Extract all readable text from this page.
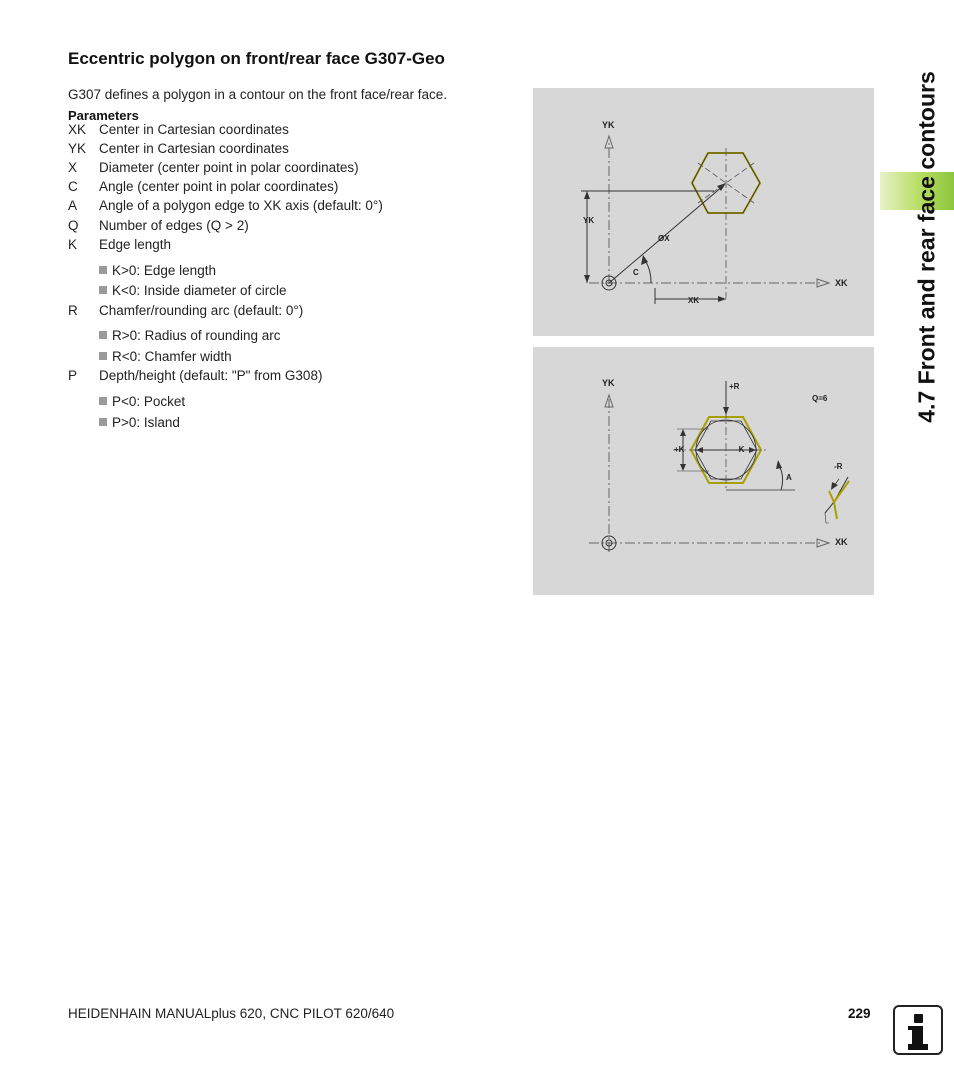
Eccentric polygon on front/rear face G307-Geo
G307 defines a polygon in a contour on the front face/rear face.
Parameters
XK Center in Cartesian coordinates
YK Center in Cartesian coordinates
X	Diameter (center point in polar coordinates)
C	Angle (center point in polar coordinates)
A	Angle of a polygon edge to XK axis (default: 0°)
Q	Number of edges (Q > 2)
K	Edge length
K>0: Edge length
K<0: Inside diameter of circle
R	Chamfer/rounding arc (default: 0°)
R>0: Radius of rounding arc
R<0: Chamfer width
P	Depth/height (default: "P" from G308)
P<0: Pocket
P>0: Island
YK
YK
ØX
C
XK
XK
YK	+R
Q=6
+K	-K
-R
A
XK
4.7 Front and rear face contours
HEIDENHAIN MANUALplus 620, CNC PILOT 620/640	229
